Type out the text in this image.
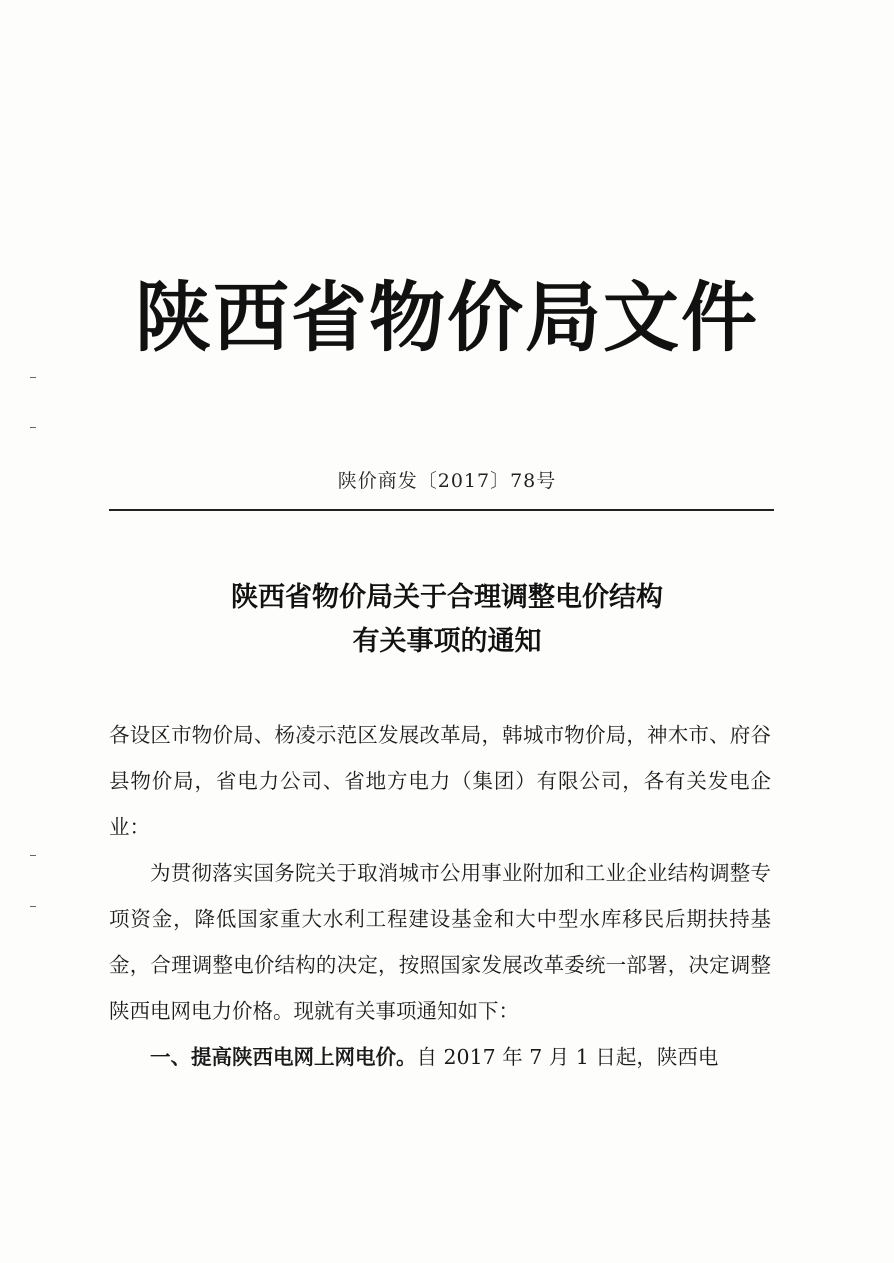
陕西省物价局文件
陕价商发〔2017〕78号
陕西省物价局关于合理调整电价结构
有关事项的通知

各设区市物价局、杨凌示范区发展改革局，韩城市物价局，神木市、府谷县物价局，省电力公司、省地方电力（集团）有限公司，各有关发电企业：

为贯彻落实国务院关于取消城市公用事业附加和工业企业结构调整专项资金，降低国家重大水利工程建设基金和大中型水库移民后期扶持基金，合理调整电价结构的决定，按照国家发展改革委统一部署，决定调整陕西电网电力价格。现就有关事项通知如下：

一、提高陕西电网上网电价。自 2017 年 7 月 1 日起，陕西电
